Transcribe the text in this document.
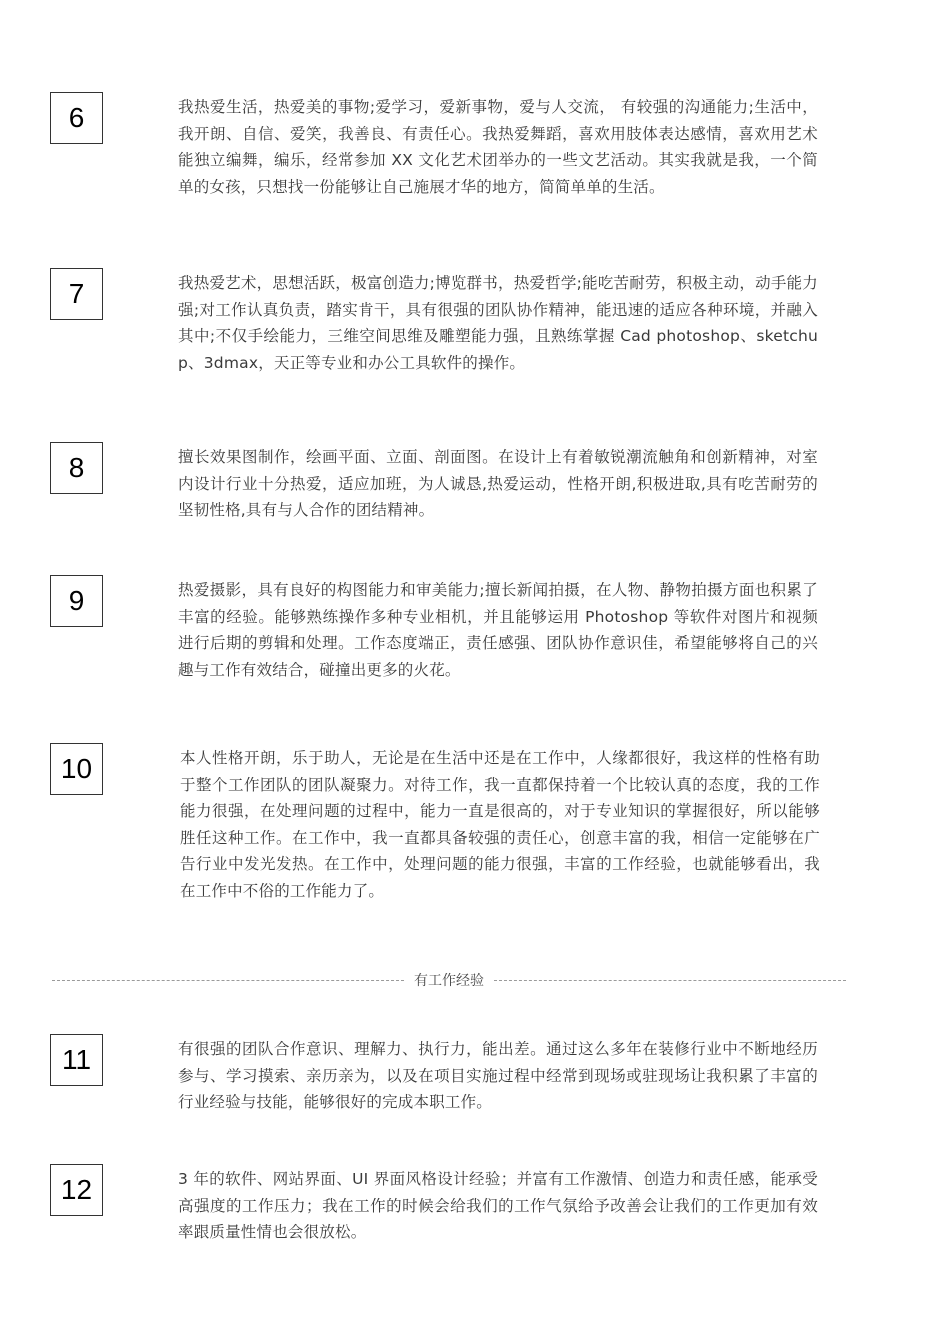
6	我热爱生活，热爱美的事物;爱学习，爱新事物，爱与人交流， 有较强的沟通能力;生活中，我开朗、自信、爱笑，我善良、有责任心。我热爱舞蹈，喜欢用肢体表达感情，喜欢用艺术能独立编舞，编乐，经常参加 XX 文化艺术团举办的一些文艺活动。其实我就是我，一个简单的女孩，只想找一份能够让自己施展才华的地方，简简单单的生活。

7	我热爱艺术，思想活跃，极富创造力;博览群书，热爱哲学;能吃苦耐劳，积极主动，动手能力强;对工作认真负责，踏实肯干，具有很强的团队协作精神，能迅速的适应各种环境，并融入其中;不仅手绘能力，三维空间思维及雕塑能力强，且熟练掌握 Cad photoshop、sketchup、3dmax，天正等专业和办公工具软件的操作。

8	擅长效果图制作，绘画平面、立面、剖面图。在设计上有着敏锐潮流触角和创新精神，对室内设计行业十分热爱，适应加班，为人诚恳,热爱运动，性格开朗,积极进取,具有吃苦耐劳的坚韧性格,具有与人合作的团结精神。

9	热爱摄影，具有良好的构图能力和审美能力;擅长新闻拍摄，在人物、静物拍摄方面也积累了丰富的经验。能够熟练操作多种专业相机，并且能够运用 Photoshop 等软件对图片和视频进行后期的剪辑和处理。工作态度端正，责任感强、团队协作意识佳，希望能够将自己的兴趣与工作有效结合，碰撞出更多的火花。

10	本人性格开朗，乐于助人，无论是在生活中还是在工作中，人缘都很好，我这样的性格有助于整个工作团队的团队凝聚力。对待工作，我一直都保持着一个比较认真的态度，我的工作能力很强，在处理问题的过程中，能力一直是很高的，对于专业知识的掌握很好，所以能够胜任这种工作。在工作中，我一直都具备较强的责任心，创意丰富的我，相信一定能够在广告行业中发光发热。在工作中，处理问题的能力很强，丰富的工作经验，也就能够看出，我在工作中不俗的工作能力了。

有工作经验
11	有很强的团队合作意识、理解力、执行力，能出差。通过这么多年在装修行业中不断地经历参与、学习摸索、亲历亲为，以及在项目实施过程中经常到现场或驻现场让我积累了丰富的行业经验与技能，能够很好的完成本职工作。

12	3 年的软件、网站界面、UI 界面风格设计经验；并富有工作激情、创造力和责任感，能承受高强度的工作压力；我在工作的时候会给我们的工作气氛给予改善会让我们的工作更加有效率跟质量性情也会很放松。
